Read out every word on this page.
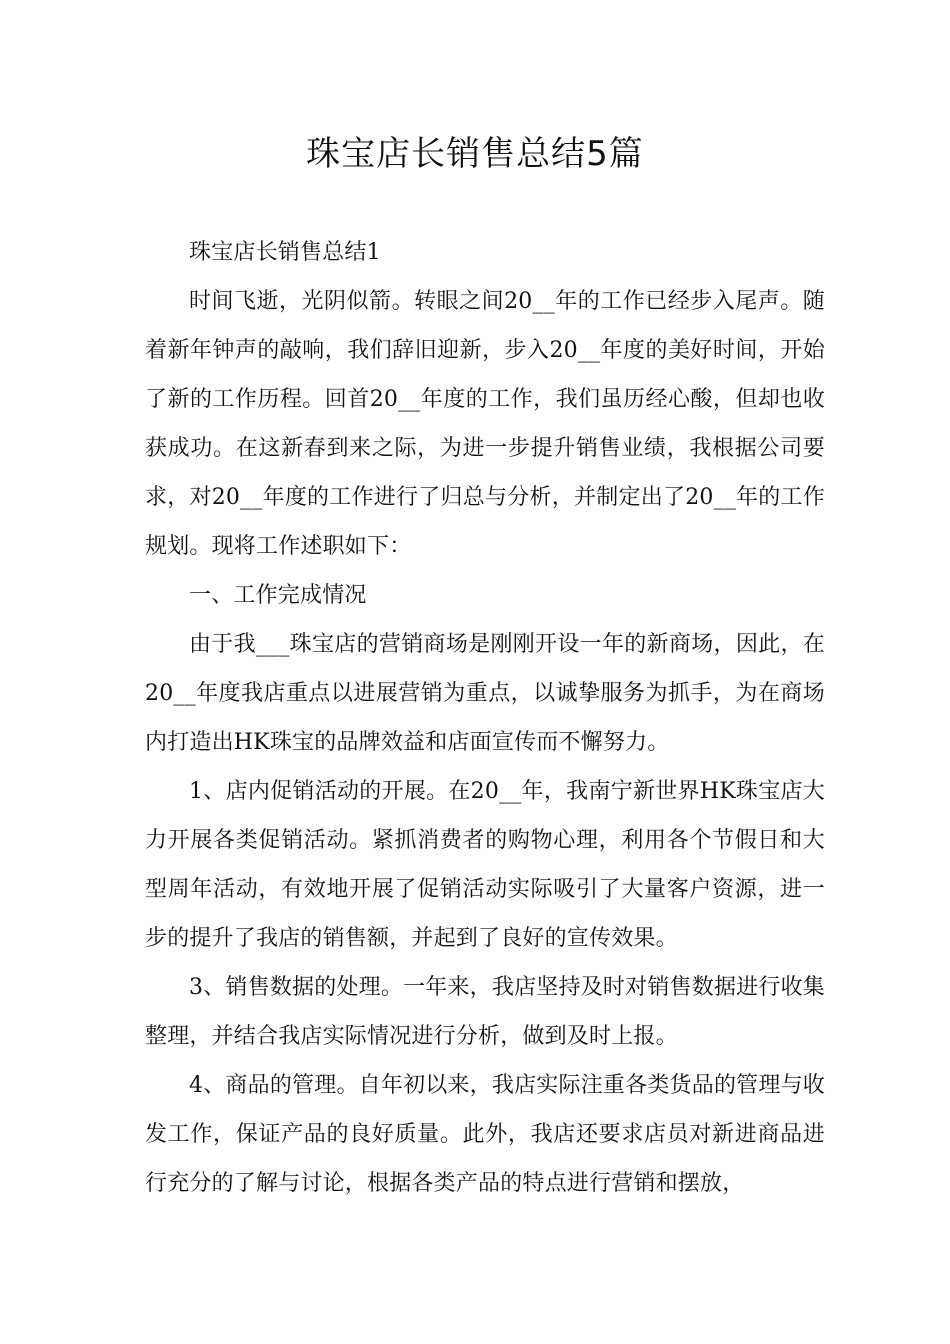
珠宝店长销售总结5篇

珠宝店长销售总结1

时间飞逝，光阴似箭。转眼之间20__年的工作已经步入尾声。随着新年钟声的敲响，我们辞旧迎新，步入20__年度的美好时间，开始了新的工作历程。回首20__年度的工作，我们虽历经心酸，但却也收获成功。在这新春到来之际，为进一步提升销售业绩，我根据公司要求，对20__年度的工作进行了归总与分析，并制定出了20__年的工作规划。现将工作述职如下：

一、工作完成情况

由于我___珠宝店的营销商场是刚刚开设一年的新商场，因此，在20__年度我店重点以进展营销为重点，以诚挚服务为抓手，为在商场内打造出HK珠宝的品牌效益和店面宣传而不懈努力。

1、店内促销活动的开展。在20__年，我南宁新世界HK珠宝店大力开展各类促销活动。紧抓消费者的购物心理，利用各个节假日和大型周年活动，有效地开展了促销活动实际吸引了大量客户资源，进一步的提升了我店的销售额，并起到了良好的宣传效果。

3、销售数据的处理。一年来，我店坚持及时对销售数据进行收集整理，并结合我店实际情况进行分析，做到及时上报。

4、商品的管理。自年初以来，我店实际注重各类货品的管理与收发工作，保证产品的良好质量。此外，我店还要求店员对新进商品进行充分的了解与讨论，根据各类产品的特点进行营销和摆放，
